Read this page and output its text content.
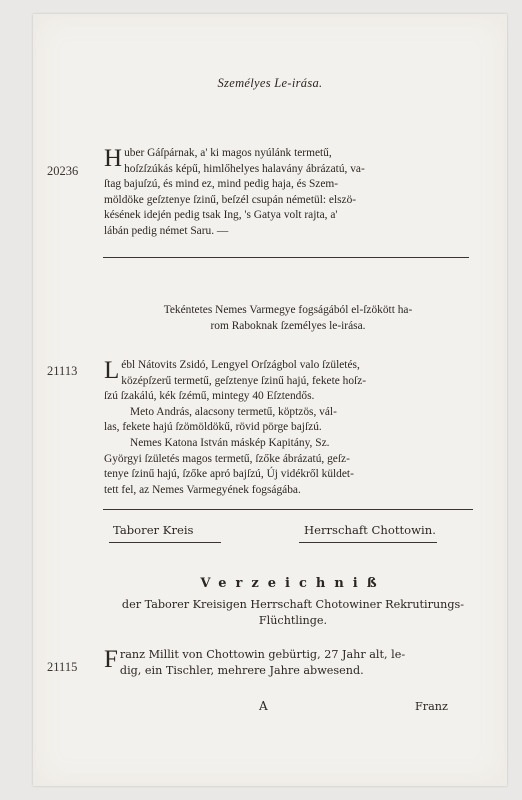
Személyes Le-irása.
20236 H uber Gáſpárnak, a' ki magos nyúlánk termetű,
hoſzſzúkás képű, himlőhelyes halavány ábrázatú, va-
ſtag bajuſzú, és mind ez, mind pedig haja, és Szem-
möldöke geſztenye ſzinű, beſzél csupán németül: elszö-
késének idején pedig tsak Ing, 's Gatya volt rajta, a'
lábán pedig német Saru. —
Tekéntetes Nemes Varmegye fogságából el-ſzökött ha-
rom Raboknak ſzemélyes le-irása.
21113 L ébl Nátovits Zsidó, Lengyel Orſzágbol valo ſzületés,
középſzerű termetű, geſztenye ſzinű hajú, fekete hoſz-
ſzú ſzakálú, kék ſzémű, mintegy 40 Eſztendős.
Meto András, alacsony termetű, köptzös, vál-
las, fekete hajú ſzömöldökű, rövid pörge bajſzú.
Nemes Katona István máskép Kapitány, Sz.
Györgyi ſzületés magos termetű, ſzőke ábrázatú, geſz-
tenye ſzinű hajú, ſzőke apró bajſzú, Új vidékről küldet-
tett fel, az Nemes Varmegyének fogságába.
Taborer Kreis	Herrschaft Chottowin.
Verzeichniß
der Taborer Kreisigen Herrschaft Chotowiner Rekrutirungs-
Flüchtlinge.
21115 F ranz Millit von Chottowin gebürtig, 27 Jahr alt, le-
dig, ein Tischler, mehrere Jahre abwesend.
A	Franz
